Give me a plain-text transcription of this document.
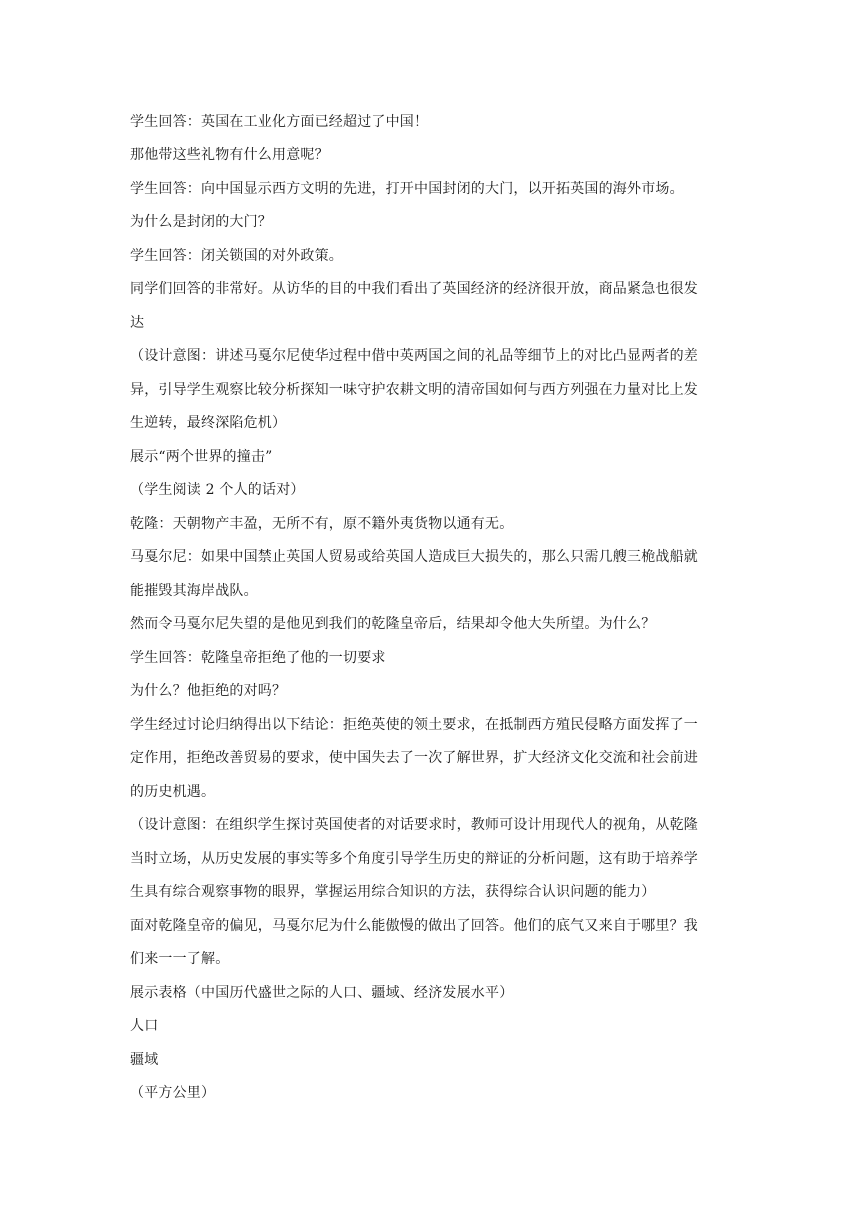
学生回答：英国在工业化方面已经超过了中国！
那他带这些礼物有什么用意呢？
学生回答：向中国显示西方文明的先进，打开中国封闭的大门，以开拓英国的海外市场。
为什么是封闭的大门？
学生回答：闭关锁国的对外政策。
同学们回答的非常好。从访华的目的中我们看出了英国经济的经济很开放，商品紧急也很发
达
（设计意图：讲述马戛尔尼使华过程中借中英两国之间的礼品等细节上的对比凸显两者的差
异，引导学生观察比较分析探知一味守护农耕文明的清帝国如何与西方列强在力量对比上发
生逆转，最终深陷危机）
展示“两个世界的撞击”
（学生阅读 2 个人的话对）
乾隆：天朝物产丰盈，无所不有，原不籍外夷货物以通有无。
马戛尔尼：如果中国禁止英国人贸易或给英国人造成巨大损失的，那么只需几艘三桅战船就
能摧毁其海岸战队。
然而令马戛尔尼失望的是他见到我们的乾隆皇帝后，结果却令他大失所望。为什么？
学生回答：乾隆皇帝拒绝了他的一切要求
为什么？他拒绝的对吗？
学生经过讨论归纳得出以下结论：拒绝英使的领土要求，在抵制西方殖民侵略方面发挥了一
定作用，拒绝改善贸易的要求，使中国失去了一次了解世界，扩大经济文化交流和社会前进
的历史机遇。
（设计意图：在组织学生探讨英国使者的对话要求时，教师可设计用现代人的视角，从乾隆
当时立场，从历史发展的事实等多个角度引导学生历史的辩证的分析问题，这有助于培养学
生具有综合观察事物的眼界，掌握运用综合知识的方法，获得综合认识问题的能力）
面对乾隆皇帝的偏见，马戛尔尼为什么能傲慢的做出了回答。他们的底气又来自于哪里？我
们来一一了解。
展示表格（中国历代盛世之际的人口、疆域、经济发展水平）
人口
疆域
（平方公里）
